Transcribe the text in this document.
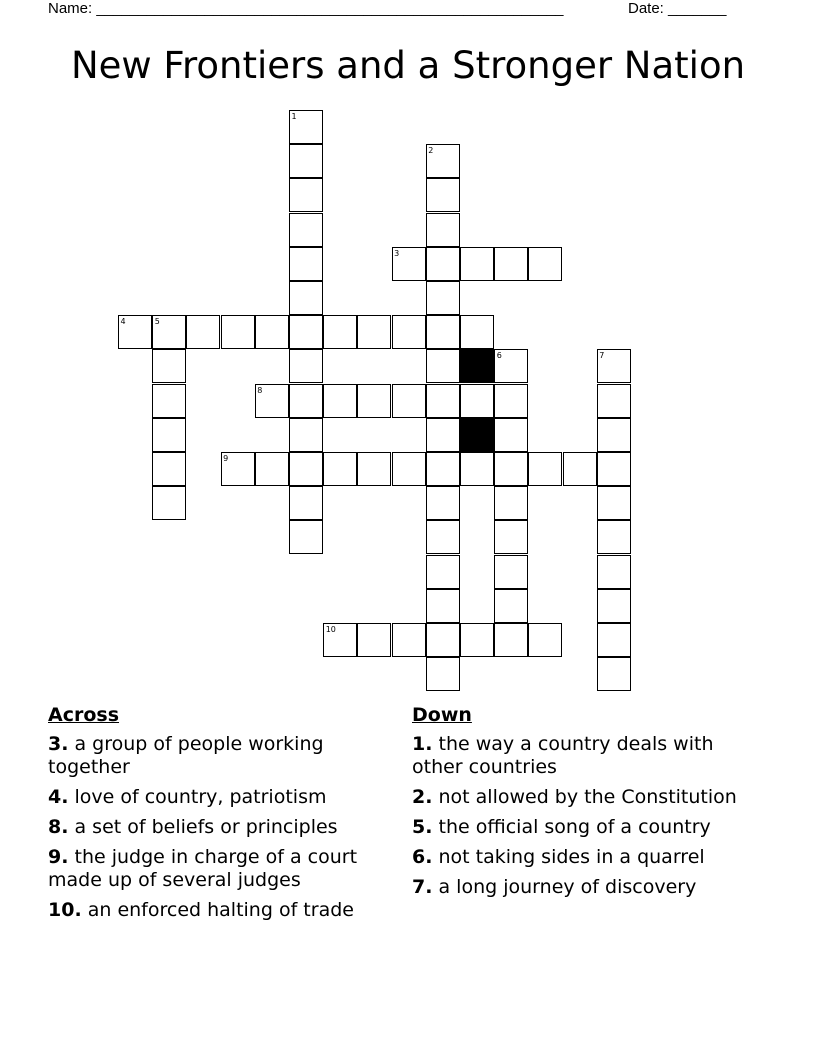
Name: ________________________________________________________	Date: _______
New Frontiers and a Stronger Nation
1
2
3
4	5
6	7
8
9
10
Across
3. a group of people working together
4. love of country, patriotism
8. a set of beliefs or principles
9. the judge in charge of a court made up of several judges
10. an enforced halting of trade
Down
1. the way a country deals with other countries
2. not allowed by the Constitution
5. the official song of a country
6. not taking sides in a quarrel
7. a long journey of discovery
